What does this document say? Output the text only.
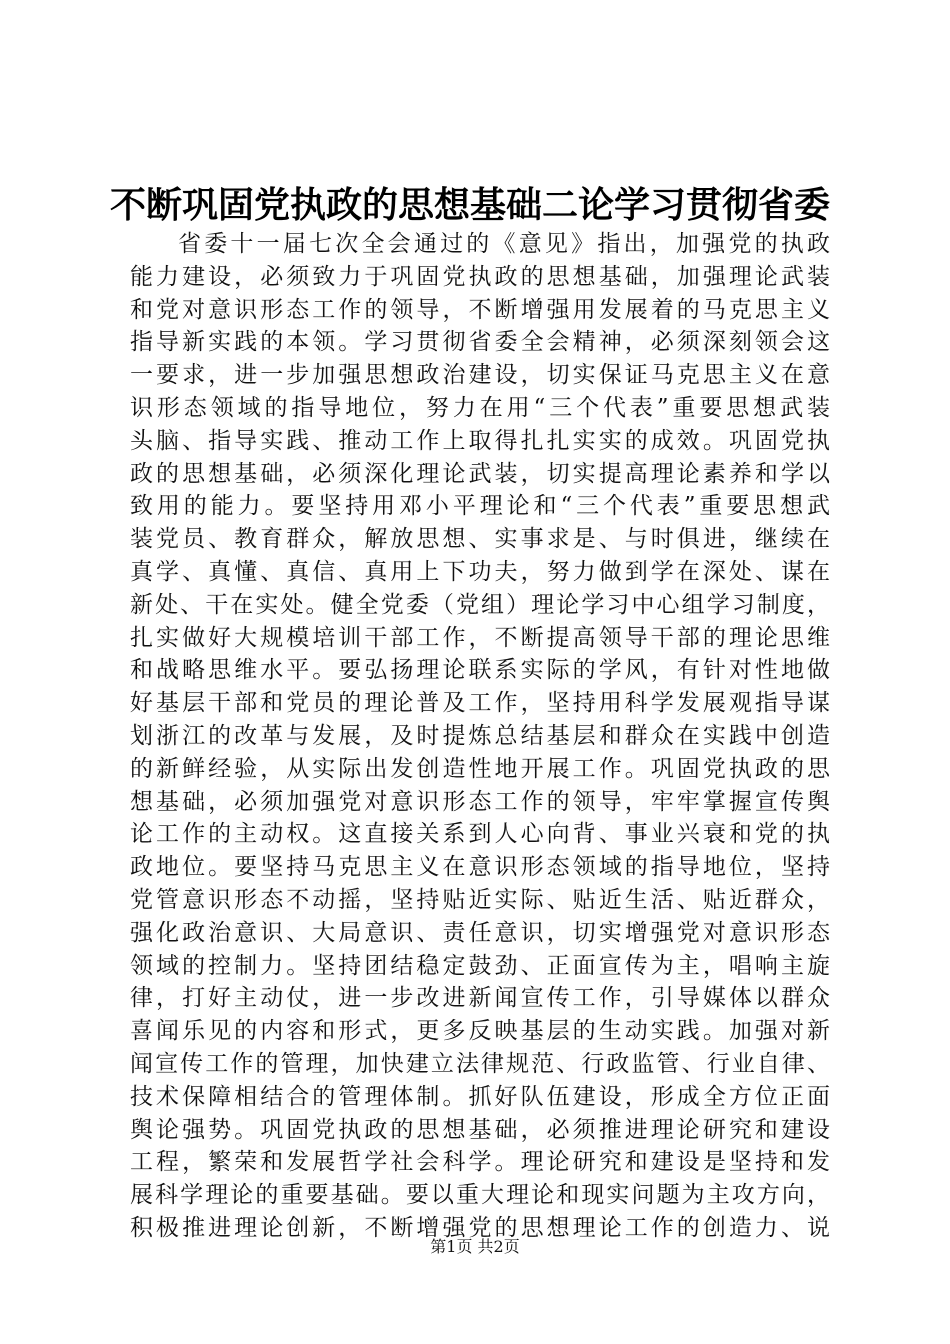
不断巩固党执政的思想基础二论学习贯彻省委
省委十一届七次全会通过的《意见》指出，加强党的执政
能力建设，必须致力于巩固党执政的思想基础，加强理论武装
和党对意识形态工作的领导，不断增强用发展着的马克思主义
指导新实践的本领。学习贯彻省委全会精神，必须深刻领会这
一要求，进一步加强思想政治建设，切实保证马克思主义在意
识形态领域的指导地位，努力在用“三个代表”重要思想武装
头脑、指导实践、推动工作上取得扎扎实实的成效。巩固党执
政的思想基础，必须深化理论武装，切实提高理论素养和学以
致用的能力。要坚持用邓小平理论和“三个代表”重要思想武
装党员、教育群众，解放思想、实事求是、与时俱进，继续在
真学、真懂、真信、真用上下功夫，努力做到学在深处、谋在
新处、干在实处。健全党委（党组）理论学习中心组学习制度，
扎实做好大规模培训干部工作，不断提高领导干部的理论思维
和战略思维水平。要弘扬理论联系实际的学风，有针对性地做
好基层干部和党员的理论普及工作，坚持用科学发展观指导谋
划浙江的改革与发展，及时提炼总结基层和群众在实践中创造
的新鲜经验，从实际出发创造性地开展工作。巩固党执政的思
想基础，必须加强党对意识形态工作的领导，牢牢掌握宣传舆
论工作的主动权。这直接关系到人心向背、事业兴衰和党的执
政地位。要坚持马克思主义在意识形态领域的指导地位，坚持
党管意识形态不动摇，坚持贴近实际、贴近生活、贴近群众，
强化政治意识、大局意识、责任意识，切实增强党对意识形态
领域的控制力。坚持团结稳定鼓劲、正面宣传为主，唱响主旋
律，打好主动仗，进一步改进新闻宣传工作，引导媒体以群众
喜闻乐见的内容和形式，更多反映基层的生动实践。加强对新
闻宣传工作的管理，加快建立法律规范、行政监管、行业自律、
技术保障相结合的管理体制。抓好队伍建设，形成全方位正面
舆论强势。巩固党执政的思想基础，必须推进理论研究和建设
工程，繁荣和发展哲学社会科学。理论研究和建设是坚持和发
展科学理论的重要基础。要以重大理论和现实问题为主攻方向，
积极推进理论创新，不断增强党的思想理论工作的创造力、说
第1页 共2页
